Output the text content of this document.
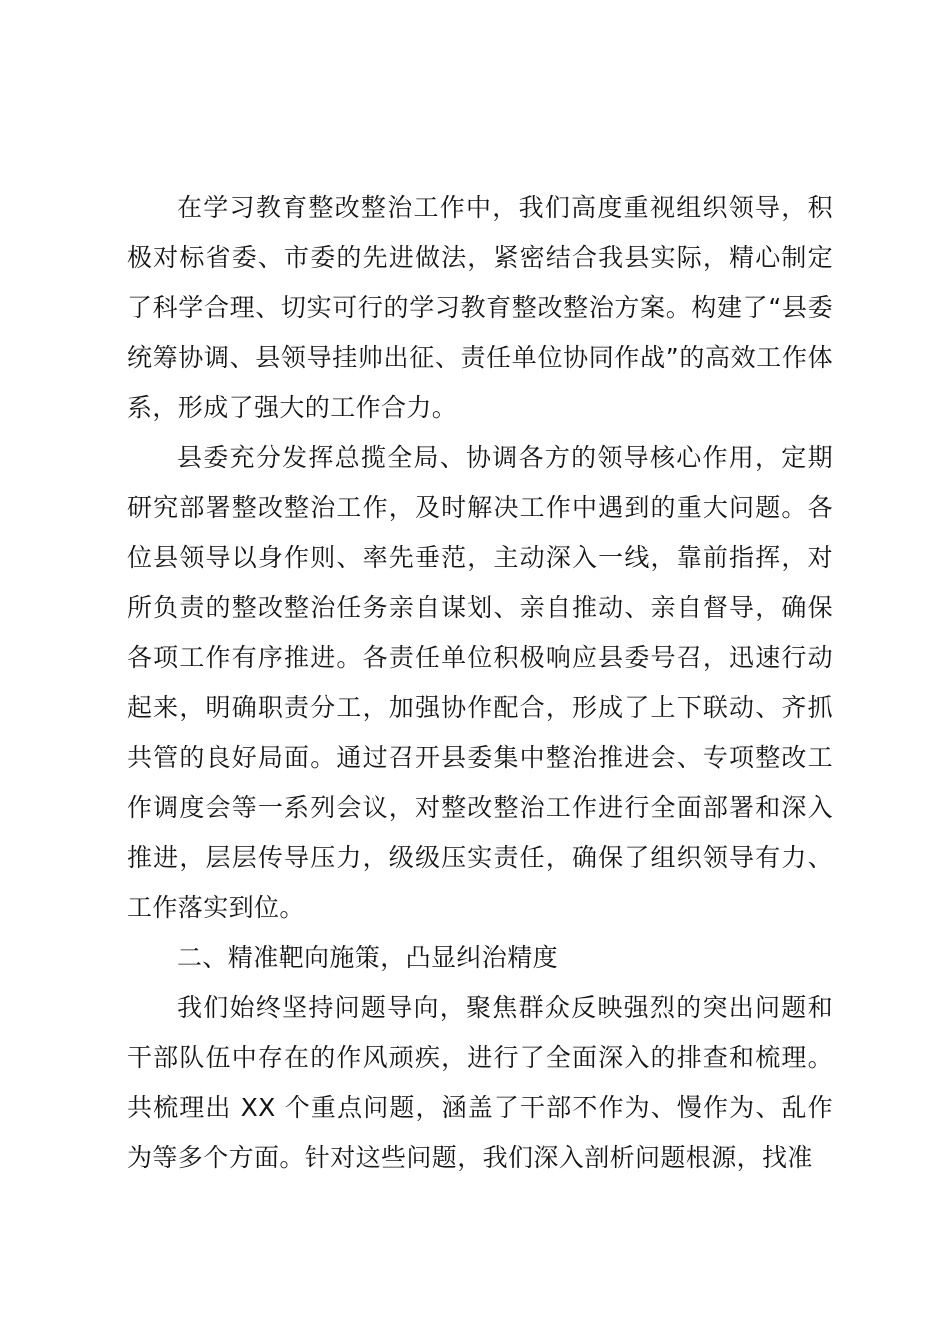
在学习教育整改整治工作中，我们高度重视组织领导，积极对标省委、市委的先进做法，紧密结合我县实际，精心制定了科学合理、切实可行的学习教育整改整治方案。构建了“县委统筹协调、县领导挂帅出征、责任单位协同作战”的高效工作体系，形成了强大的工作合力。

县委充分发挥总揽全局、协调各方的领导核心作用，定期研究部署整改整治工作，及时解决工作中遇到的重大问题。各位县领导以身作则、率先垂范，主动深入一线，靠前指挥，对所负责的整改整治任务亲自谋划、亲自推动、亲自督导，确保各项工作有序推进。各责任单位积极响应县委号召，迅速行动起来，明确职责分工，加强协作配合，形成了上下联动、齐抓共管的良好局面。通过召开县委集中整治推进会、专项整改工作调度会等一系列会议，对整改整治工作进行全面部署和深入推进，层层传导压力，级级压实责任，确保了组织领导有力、工作落实到位。

二、精准靶向施策，凸显纠治精度

我们始终坚持问题导向，聚焦群众反映强烈的突出问题和干部队伍中存在的作风顽疾，进行了全面深入的排查和梳理。共梳理出 XX 个重点问题，涵盖了干部不作为、慢作为、乱作为等多个方面。针对这些问题，我们深入剖析问题根源，找准
